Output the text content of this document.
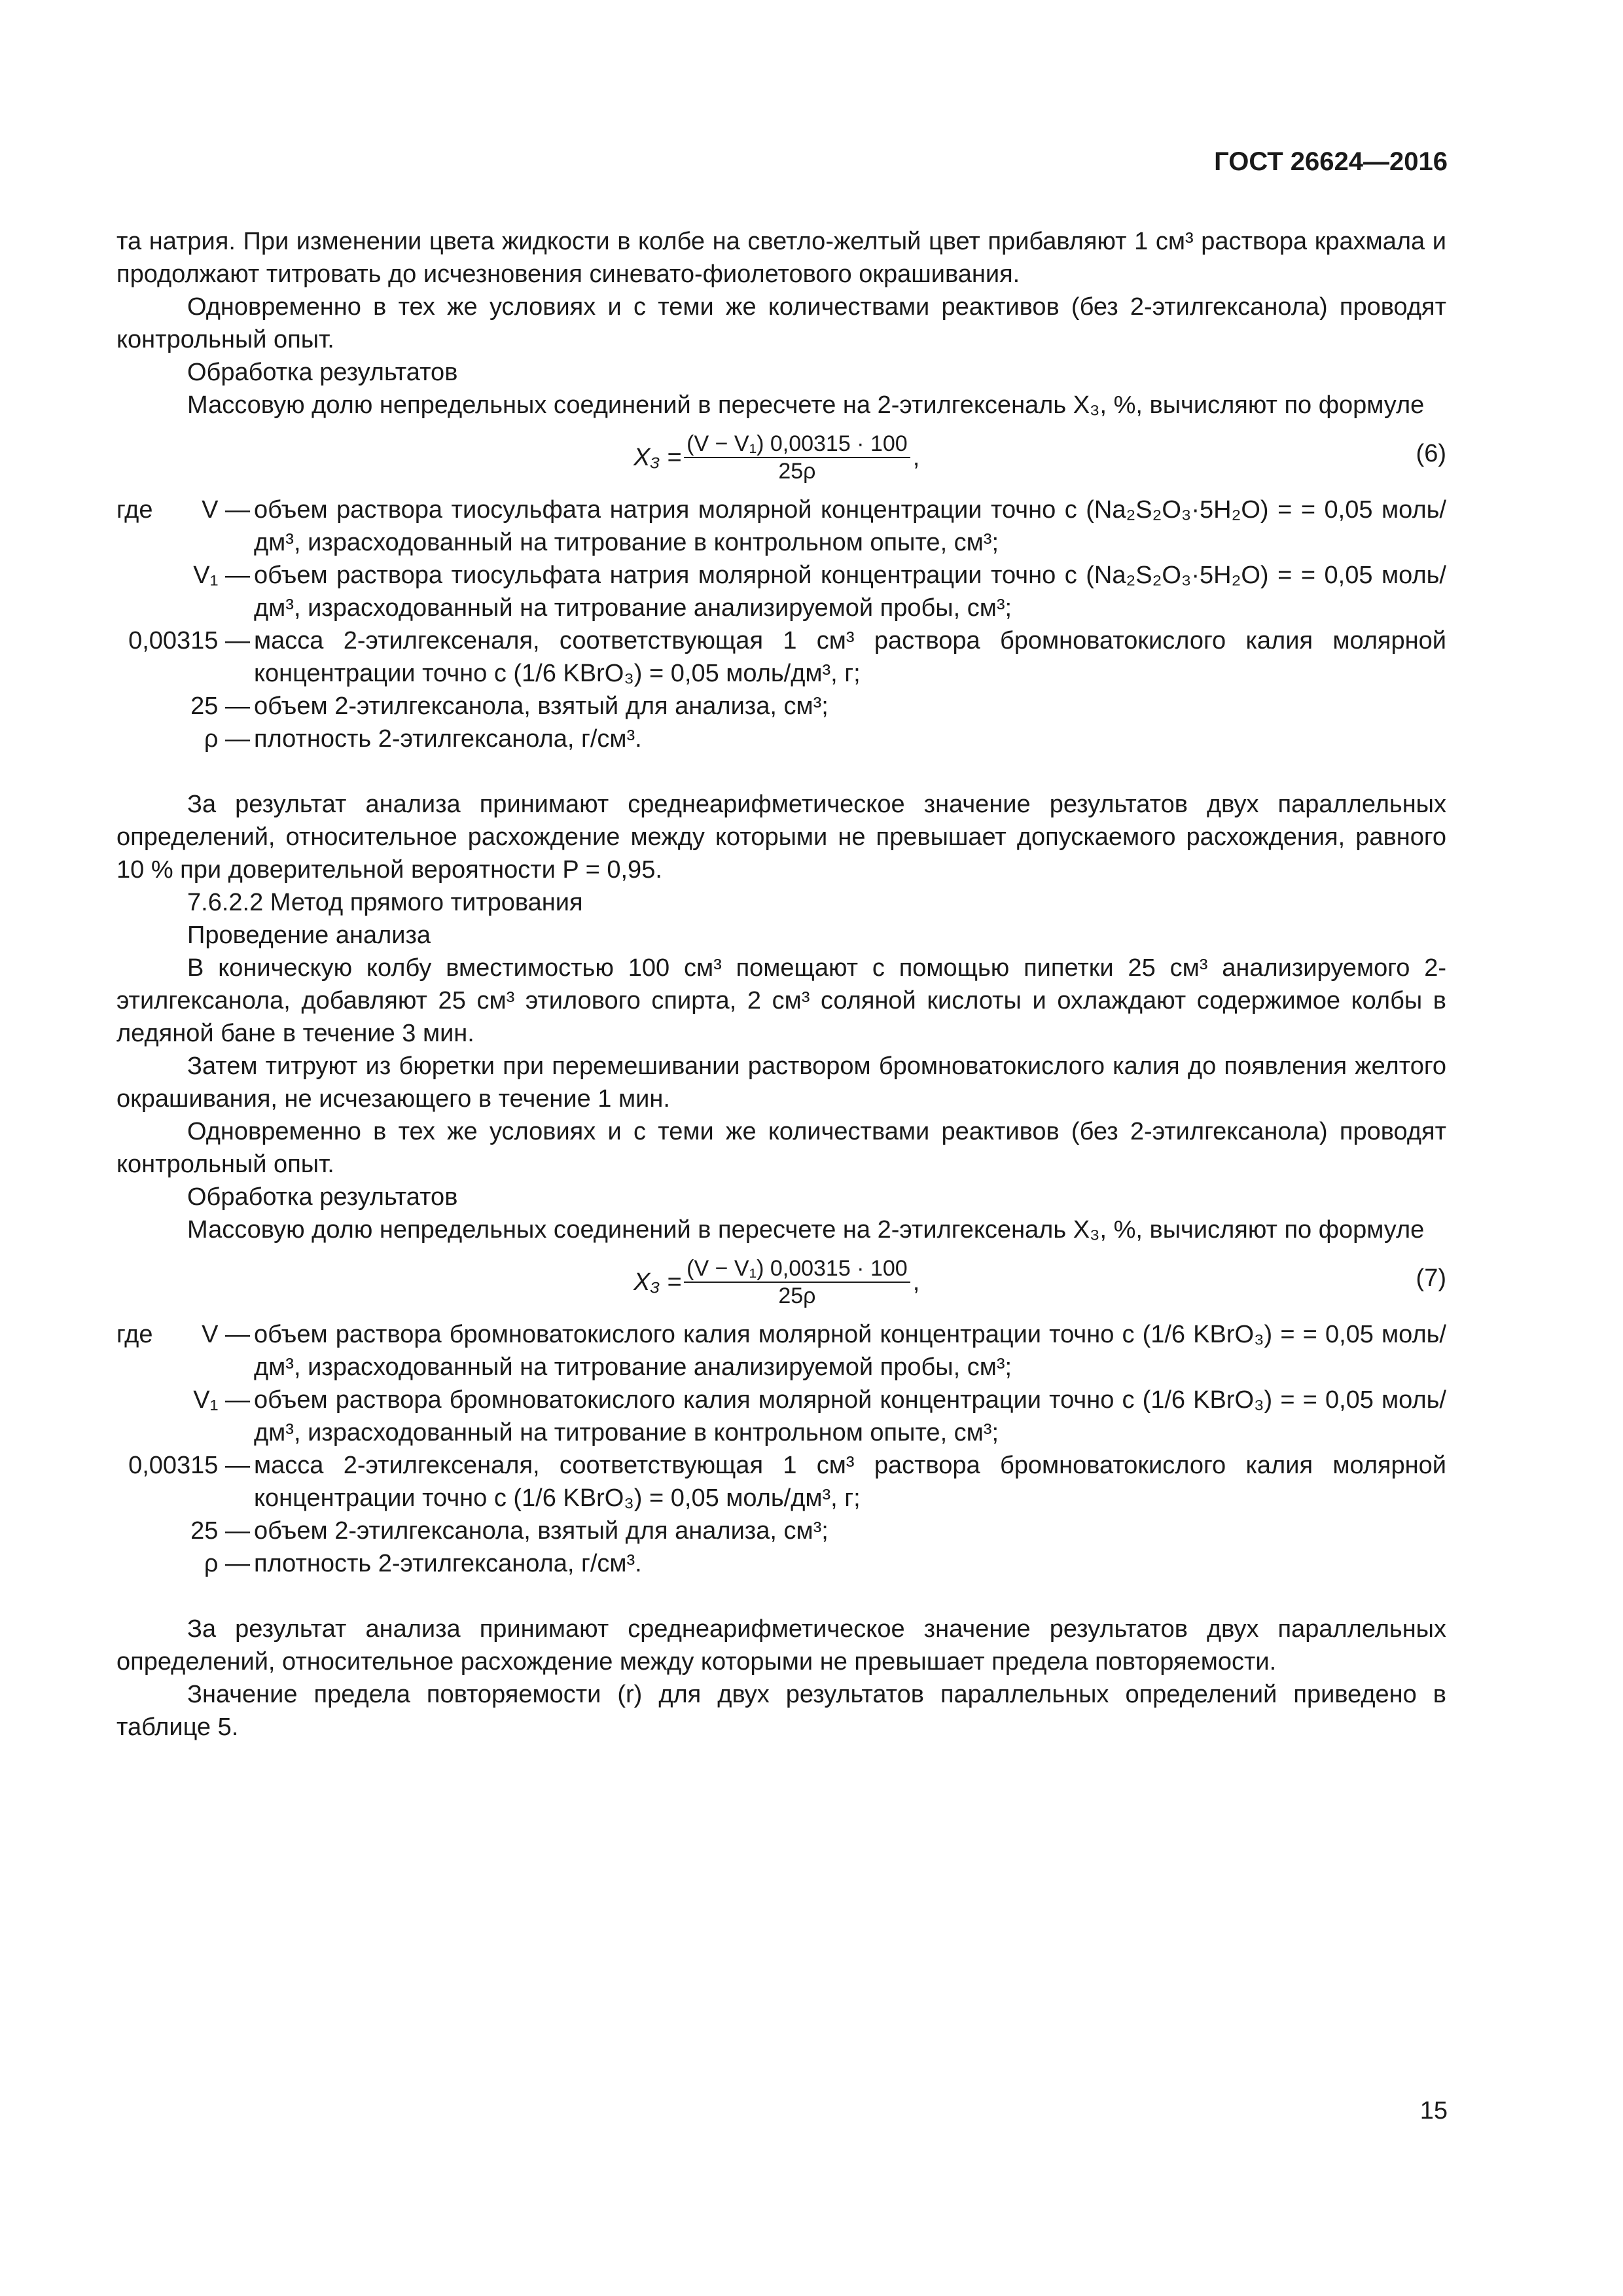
ГОСТ 26624—2016

та натрия. При изменении цвета жидкости в колбе на светло-желтый цвет прибавляют 1 см³ раствора крахмала и продолжают титровать до исчезновения синевато-фиолетового окрашивания.

Одновременно в тех же условиях и с теми же количествами реактивов (без 2-этилгексанола) проводят контрольный опыт.

Обработка результатов

Массовую долю непредельных соединений в пересчете на 2-этилгексеналь X₃, %, вычисляют по формуле

$X_3 = \frac{\text{(V − V₁) 0,00315 · 100}}{25\rho}$ ,	(6)
где V — объем раствора тиосульфата натрия молярной концентрации точно с (Na₂S₂O₃·5H₂O) = = 0,05 моль/дм³, израсходованный на титрование в контрольном опыте, см³;
V₁ — объем раствора тиосульфата натрия молярной концентрации точно с (Na₂S₂O₃·5H₂O) = = 0,05 моль/дм³, израсходованный на титрование анализируемой пробы, см³;
0,00315 — масса 2-этилгексеналя, соответствующая 1 см³ раствора бромноватокислого калия молярной концентрации точно с (1/6 KBrO₃) = 0,05 моль/дм³, г;
25 — объем 2-этилгексанола, взятый для анализа, см³;
ρ — плотность 2-этилгексанола, г/см³.

За результат анализа принимают среднеарифметическое значение результатов двух параллельных определений, относительное расхождение между которыми не превышает допускаемого расхождения, равного 10 % при доверительной вероятности P = 0,95.

7.6.2.2 Метод прямого титрования

Проведение анализа

В коническую колбу вместимостью 100 см³ помещают с помощью пипетки 25 см³ анализируемого 2-этилгексанола, добавляют 25 см³ этилового спирта, 2 см³ соляной кислоты и охлаждают содержимое колбы в ледяной бане в течение 3 мин.

Затем титруют из бюретки при перемешивании раствором бромноватокислого калия до появления желтого окрашивания, не исчезающего в течение 1 мин.

Одновременно в тех же условиях и с теми же количествами реактивов (без 2-этилгексанола) проводят контрольный опыт.

Обработка результатов

Массовую долю непредельных соединений в пересчете на 2-этилгексеналь X₃, %, вычисляют по формуле

$X_3 = \frac{\text{(V − V₁) 0,00315 · 100}}{25\rho}$ ,	(7)
где V — объем раствора бромноватокислого калия молярной концентрации точно с (1/6 KBrO₃) = = 0,05 моль/дм³, израсходованный на титрование анализируемой пробы, см³;
V₁ — объем раствора бромноватокислого калия молярной концентрации точно с (1/6 KBrO₃) = = 0,05 моль/дм³, израсходованный на титрование в контрольном опыте, см³;
0,00315 — масса 2-этилгексеналя, соответствующая 1 см³ раствора бромноватокислого калия молярной концентрации точно с (1/6 KBrO₃) = 0,05 моль/дм³, г;
25 — объем 2-этилгексанола, взятый для анализа, см³;
ρ — плотность 2-этилгексанола, г/см³.

За результат анализа принимают среднеарифметическое значение результатов двух параллельных определений, относительное расхождение между которыми не превышает предела повторяемости.

Значение предела повторяемости (r) для двух результатов параллельных определений приведено в таблице 5.

15
